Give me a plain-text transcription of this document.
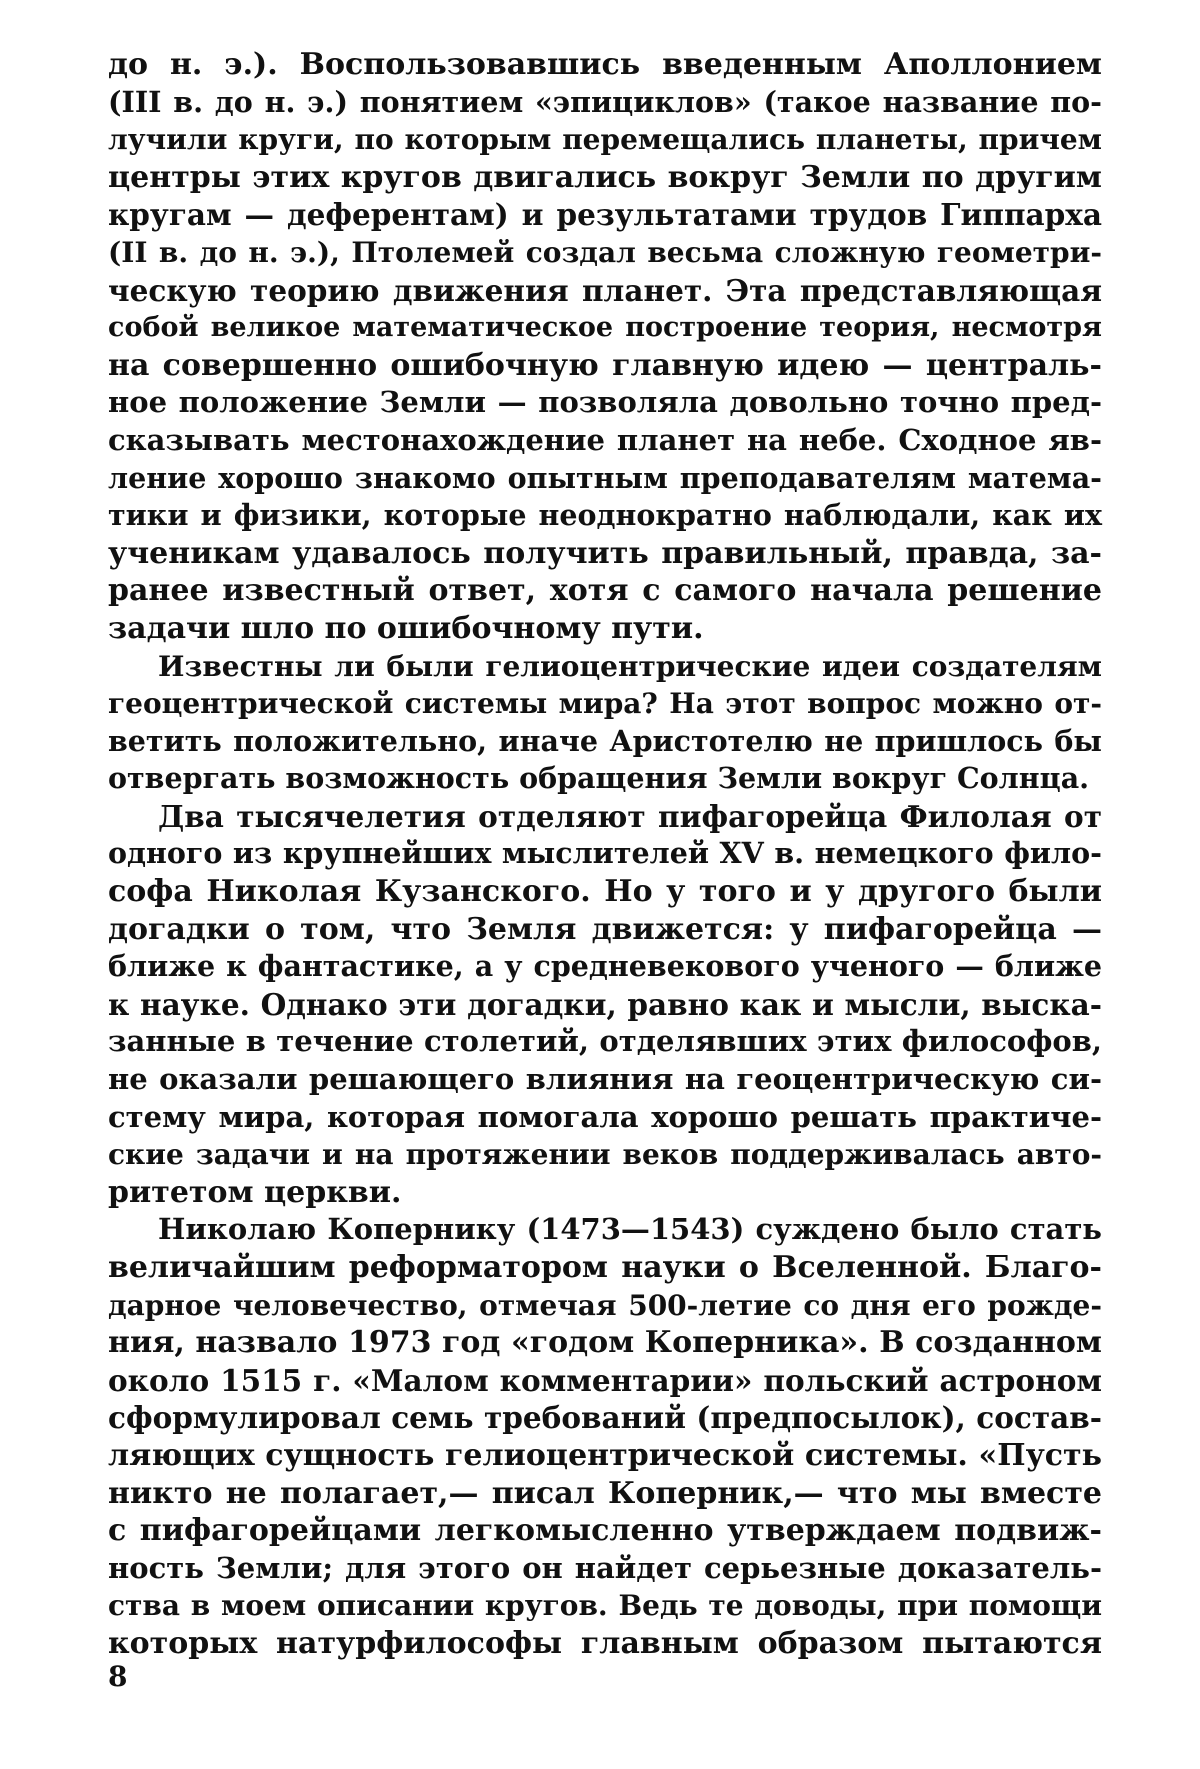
до н. э.). Воспользовавшись введенным Аполлонием
(III в. до н. э.) понятием «эпициклов» (такое название по-
лучили круги, по которым перемещались планеты, причем
центры этих кругов двигались вокруг Земли по другим
кругам — деферентам) и результатами трудов Гиппарха
(II в. до н. э.), Птолемей создал весьма сложную геометри-
ческую теорию движения планет. Эта представляющая
собой великое математическое построение теория, несмотря
на совершенно ошибочную главную идею — централь-
ное положение Земли — позволяла довольно точно пред-
сказывать местонахождение планет на небе. Сходное яв-
ление хорошо знакомо опытным преподавателям матема-
тики и физики, которые неоднократно наблюдали, как их
ученикам удавалось получить правильный, правда, за-
ранее известный ответ, хотя с самого начала решение
задачи шло по ошибочному пути.
Известны ли были гелиоцентрические идеи создателям
геоцентрической системы мира? На этот вопрос можно от-
ветить положительно, иначе Аристотелю не пришлось бы
отвергать возможность обращения Земли вокруг Солнца.
Два тысячелетия отделяют пифагорейца Филолая от
одного из крупнейших мыслителей XV в. немецкого фило-
софа Николая Кузанского. Но у того и у другого были
догадки о том, что Земля движется: у пифагорейца —
ближе к фантастике, а у средневекового ученого — ближе
к науке. Однако эти догадки, равно как и мысли, выска-
занные в течение столетий, отделявших этих философов,
не оказали решающего влияния на геоцентрическую си-
стему мира, которая помогала хорошо решать практиче-
ские задачи и на протяжении веков поддерживалась авто-
ритетом церкви.
Николаю Копернику (1473—1543) суждено было стать
величайшим реформатором науки о Вселенной. Благо-
дарное человечество, отмечая 500-летие со дня его рожде-
ния, назвало 1973 год «годом Коперника». В созданном
около 1515 г. «Малом комментарии» польский астроном
сформулировал семь требований (предпосылок), состав-
ляющих сущность гелиоцентрической системы. «Пусть
никто не полагает,— писал Коперник,— что мы вместе
с пифагорейцами легкомысленно утверждаем подвиж-
ность Земли; для этого он найдет серьезные доказатель-
ства в моем описании кругов. Ведь те доводы, при помощи
которых натурфилософы главным образом пытаются
8
